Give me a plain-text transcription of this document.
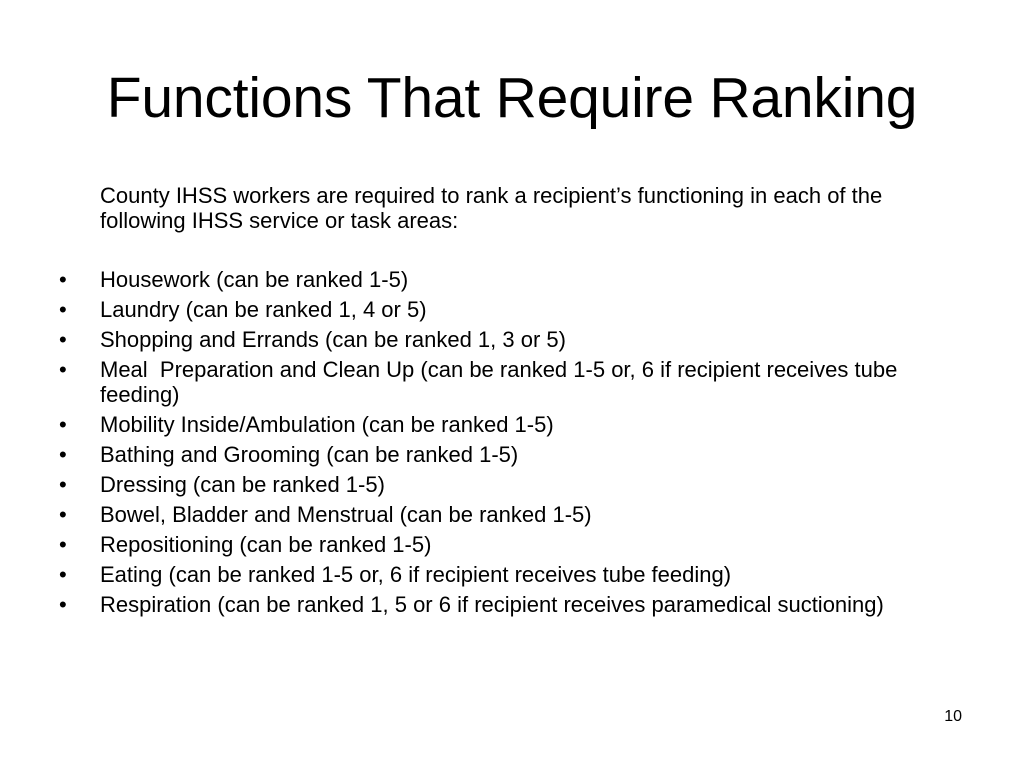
Functions That Require Ranking

County IHSS workers are required to rank a recipient’s functioning in each of the following IHSS service or task areas:

•	Housework (can be ranked 1-5)
•	Laundry (can be ranked 1, 4 or 5)
•	Shopping and Errands (can be ranked 1, 3 or 5)
•	Meal  Preparation and Clean Up (can be ranked 1-5 or, 6 if recipient receives tube feeding)
•	Mobility Inside/Ambulation (can be ranked 1-5)
•	Bathing and Grooming (can be ranked 1-5)
•	Dressing (can be ranked 1-5)
•	Bowel, Bladder and Menstrual (can be ranked 1-5)
•	Repositioning (can be ranked 1-5)
•	Eating (can be ranked 1-5 or, 6 if recipient receives tube feeding)
•	Respiration (can be ranked 1, 5 or 6 if recipient receives paramedical suctioning)
10
